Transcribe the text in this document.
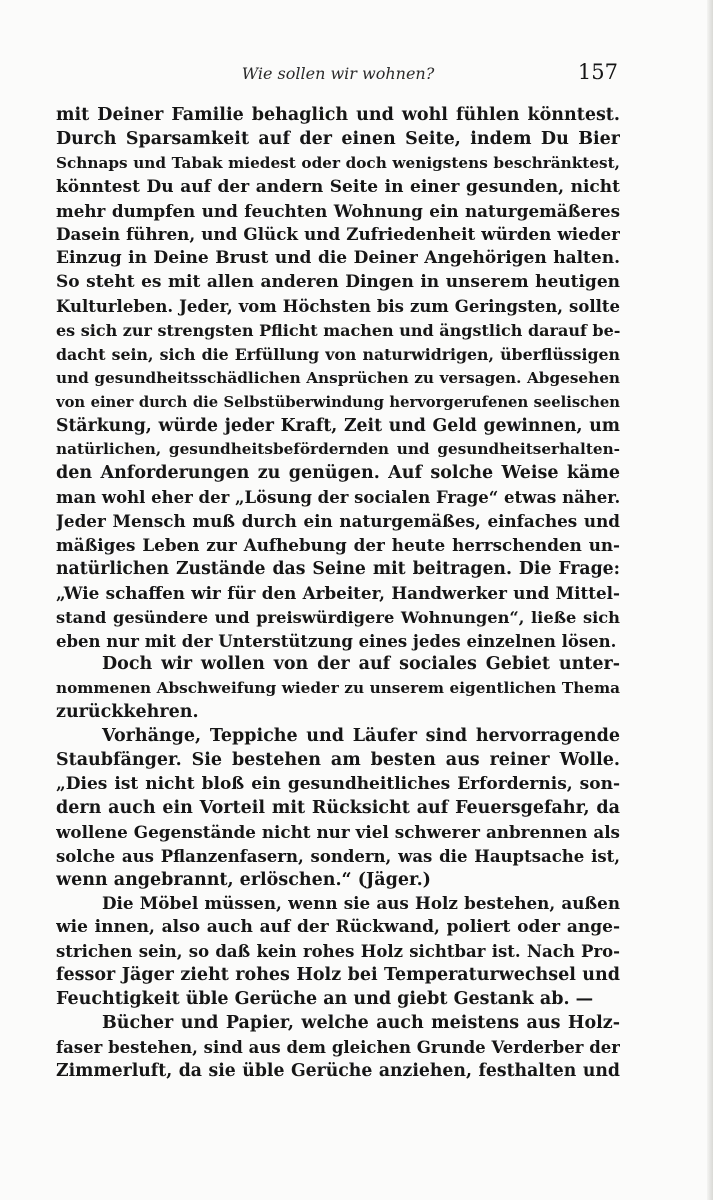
Wie sollen wir wohnen?	157
mit Deiner Familie behaglich und wohl fühlen könntest.
Durch Sparsamkeit auf der einen Seite, indem Du Bier
Schnaps und Tabak miedest oder doch wenigstens beschränktest,
könntest Du auf der andern Seite in einer gesunden, nicht
mehr dumpfen und feuchten Wohnung ein naturgemäßeres
Dasein führen, und Glück und Zufriedenheit würden wieder
Einzug in Deine Brust und die Deiner Angehörigen halten.
So steht es mit allen anderen Dingen in unserem heutigen
Kulturleben. Jeder, vom Höchsten bis zum Geringsten, sollte
es sich zur strengsten Pflicht machen und ängstlich darauf be-
dacht sein, sich die Erfüllung von naturwidrigen, überflüssigen
und gesundheitsschädlichen Ansprüchen zu versagen. Abgesehen
von einer durch die Selbstüberwindung hervorgerufenen seelischen
Stärkung, würde jeder Kraft, Zeit und Geld gewinnen, um
natürlichen, gesundheitsbefördernden und gesundheitserhalten-
den Anforderungen zu genügen. Auf solche Weise käme
man wohl eher der „Lösung der socialen Frage“ etwas näher.
Jeder Mensch muß durch ein naturgemäßes, einfaches und
mäßiges Leben zur Aufhebung der heute herrschenden un-
natürlichen Zustände das Seine mit beitragen. Die Frage:
„Wie schaffen wir für den Arbeiter, Handwerker und Mittel-
stand gesündere und preiswürdigere Wohnungen“, ließe sich
eben nur mit der Unterstützung eines jedes einzelnen lösen.
Doch wir wollen von der auf sociales Gebiet unter-
nommenen Abschweifung wieder zu unserem eigentlichen Thema
zurückkehren.
Vorhänge, Teppiche und Läufer sind hervorragende
Staubfänger. Sie bestehen am besten aus reiner Wolle.
„Dies ist nicht bloß ein gesundheitliches Erfordernis, son-
dern auch ein Vorteil mit Rücksicht auf Feuersgefahr, da
wollene Gegenstände nicht nur viel schwerer anbrennen als
solche aus Pflanzenfasern, sondern, was die Hauptsache ist,
wenn angebrannt, erlöschen.“ (Jäger.)
Die Möbel müssen, wenn sie aus Holz bestehen, außen
wie innen, also auch auf der Rückwand, poliert oder ange-
strichen sein, so daß kein rohes Holz sichtbar ist. Nach Pro-
fessor Jäger zieht rohes Holz bei Temperaturwechsel und
Feuchtigkeit üble Gerüche an und giebt Gestank ab. —
Bücher und Papier, welche auch meistens aus Holz-
faser bestehen, sind aus dem gleichen Grunde Verderber der
Zimmerluft, da sie üble Gerüche anziehen, festhalten und
